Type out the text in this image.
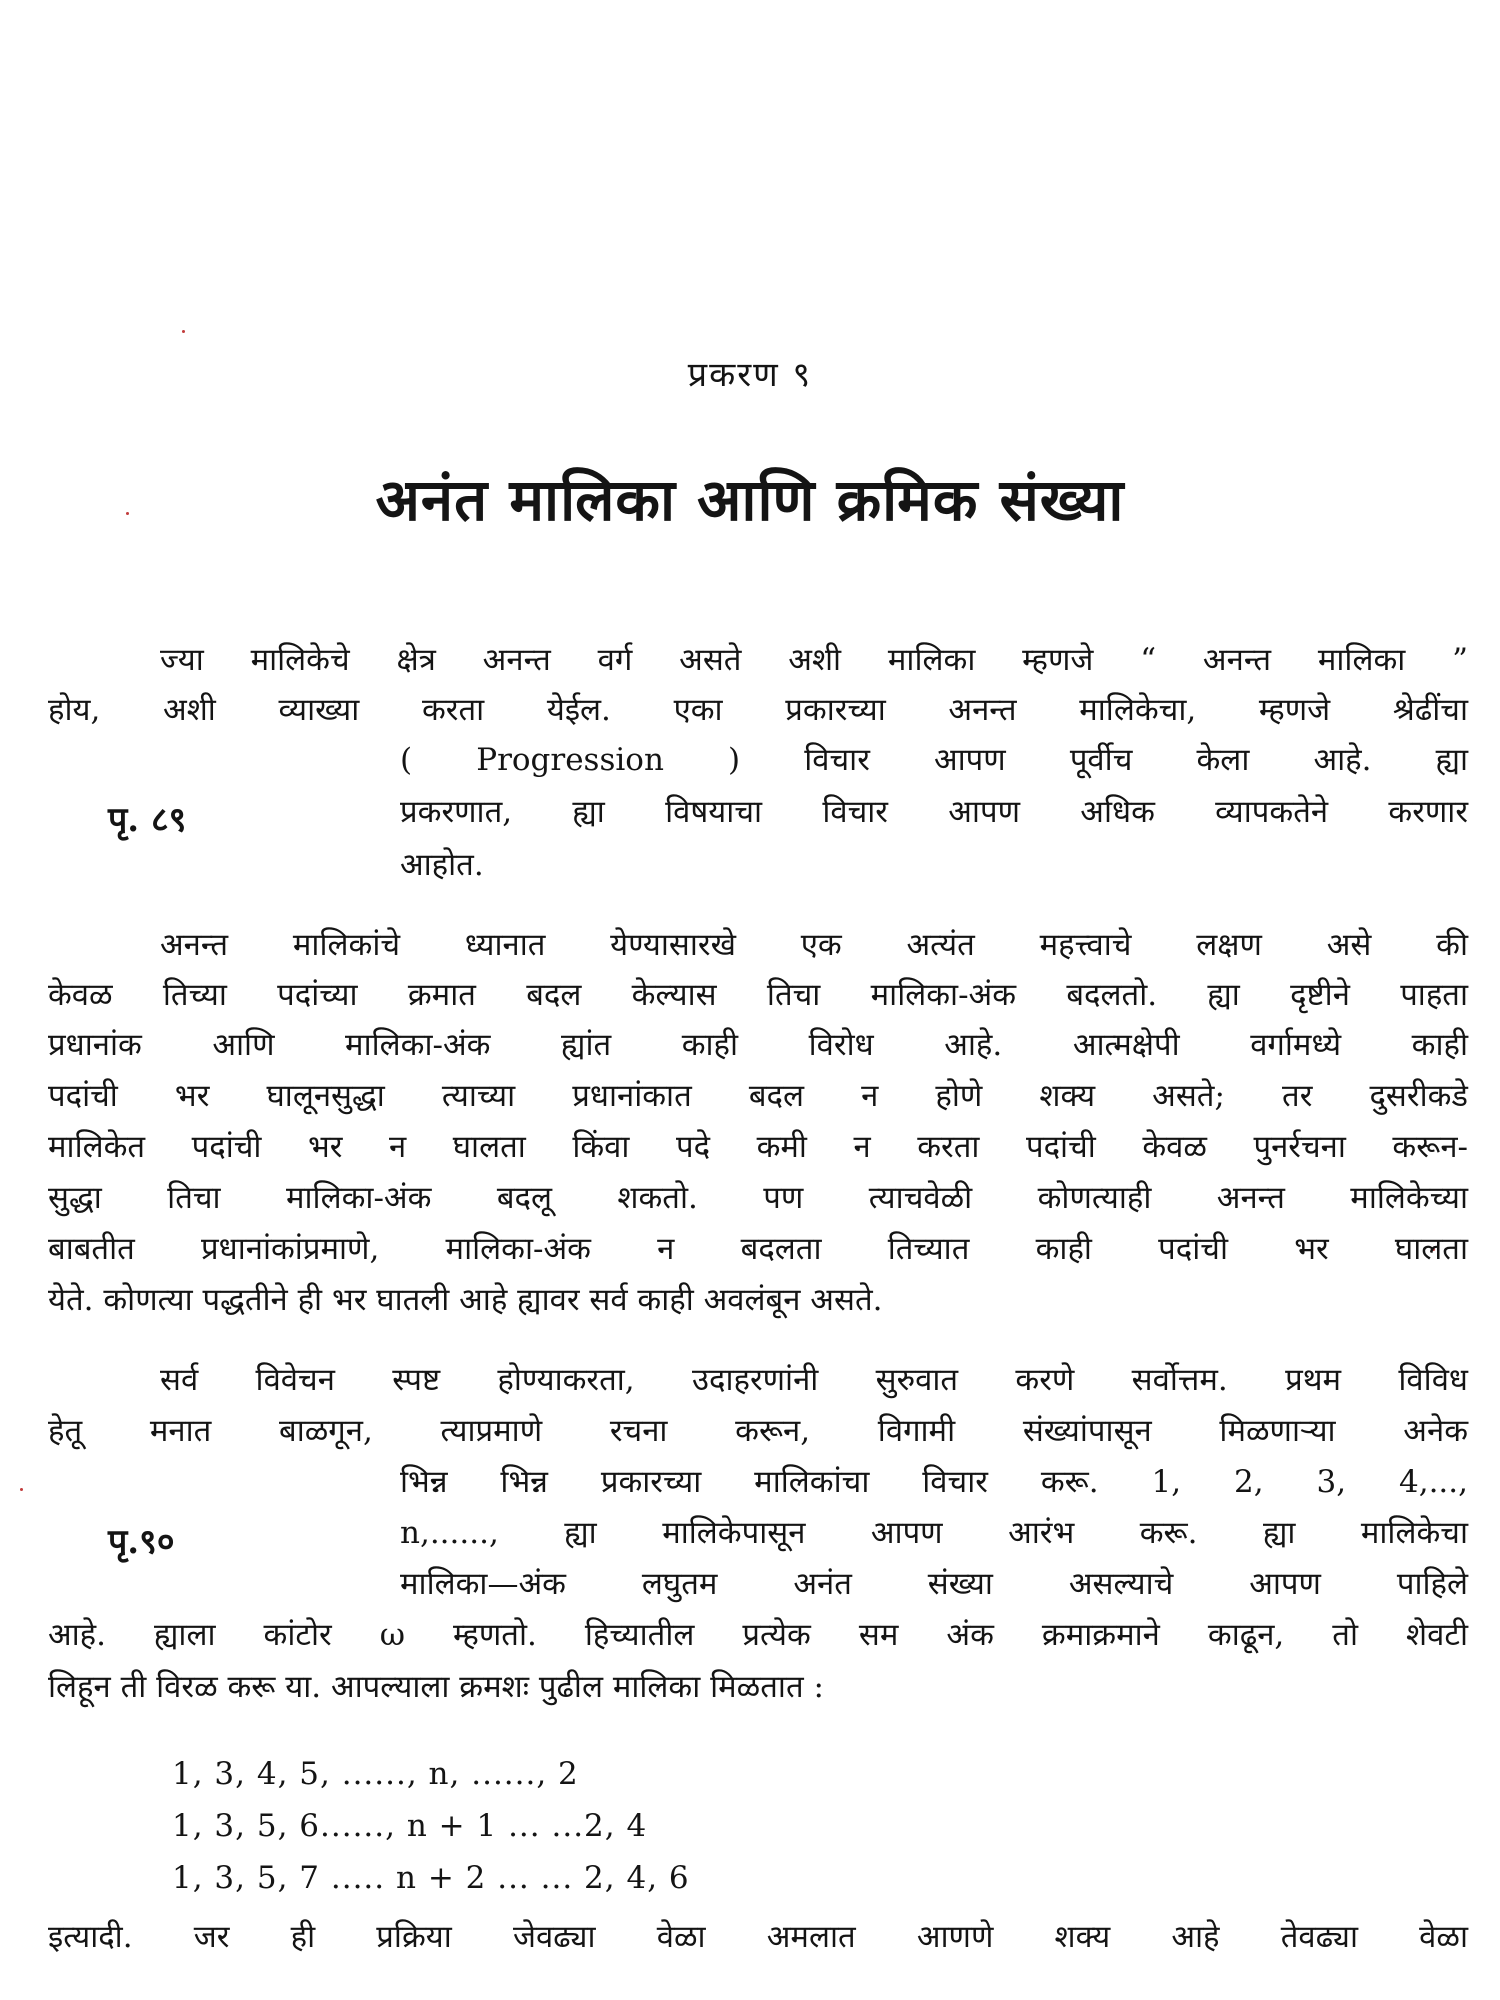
प्रकरण ९
अनंत मालिका आणि क्रमिक संख्या
ज्या मालिकेचे क्षेत्र अनन्त वर्ग असते अशी मालिका म्हणजे “ अनन्त मालिका ”
होय, अशी व्याख्या करता येईल. एका प्रकारच्या अनन्त मालिकेचा, म्हणजे श्रेढींचा
( Progression ) विचार आपण पूर्वीच केला आहे. ह्या
पृ. ८९	प्रकरणात, ह्या विषयाचा विचार आपण अधिक व्यापकतेने करणार
आहोत.
अनन्त मालिकांचे ध्यानात येण्यासारखे एक अत्यंत महत्त्वाचे लक्षण असे की
केवळ तिच्या पदांच्या क्रमात बदल केल्यास तिचा मालिका-अंक बदलतो. ह्या दृष्टीने पाहता
प्रधानांक आणि मालिका-अंक ह्यांत काही विरोध आहे. आत्मक्षेपी वर्गामध्ये काही
पदांची भर घालूनसुद्धा त्याच्या प्रधानांकात बदल न होणे शक्य असते; तर दुसरीकडे
मालिकेत पदांची भर न घालता किंवा पदे कमी न करता पदांची केवळ पुनर्रचना करून-
सुद्धा तिचा मालिका-अंक बदलू शकतो. पण त्याचवेळी कोणत्याही अनन्त मालिकेच्या
बाबतीत प्रधानांकांप्रमाणे, मालिका-अंक न बदलता तिच्यात काही पदांची भर घालता
येते. कोणत्या पद्धतीने ही भर घातली आहे ह्यावर सर्व काही अवलंबून असते.
सर्व विवेचन स्पष्ट होण्याकरता, उदाहरणांनी सुरुवात करणे सर्वोत्तम. प्रथम विविध
हेतू मनात बाळगून, त्याप्रमाणे रचना करून, विगामी संख्यांपासून मिळणाऱ्या अनेक
भिन्न भिन्न प्रकारच्या मालिकांचा विचार करू. 1, 2, 3, 4,...,
पृ.९०	n,......, ह्या मालिकेपासून आपण आरंभ करू. ह्या मालिकेचा
मालिका—अंक लघुतम अनंत संख्या असल्याचे आपण पाहिले
आहे. ह्याला कांटोर ω म्हणतो. हिच्यातील प्रत्येक सम अंक क्रमाक्रमाने काढून, तो शेवटी
लिहून ती विरळ करू या. आपल्याला क्रमशः पुढील मालिका मिळतात :
1, 3, 4, 5, ......, n, ......, 2
1, 3, 5, 6......, n + 1 ... ...2, 4
1, 3, 5, 7 ..... n + 2 ... ... 2, 4, 6
इत्यादी. जर ही प्रक्रिया जेवढ्या वेळा अमलात आणणे शक्य आहे तेवढ्या वेळा
